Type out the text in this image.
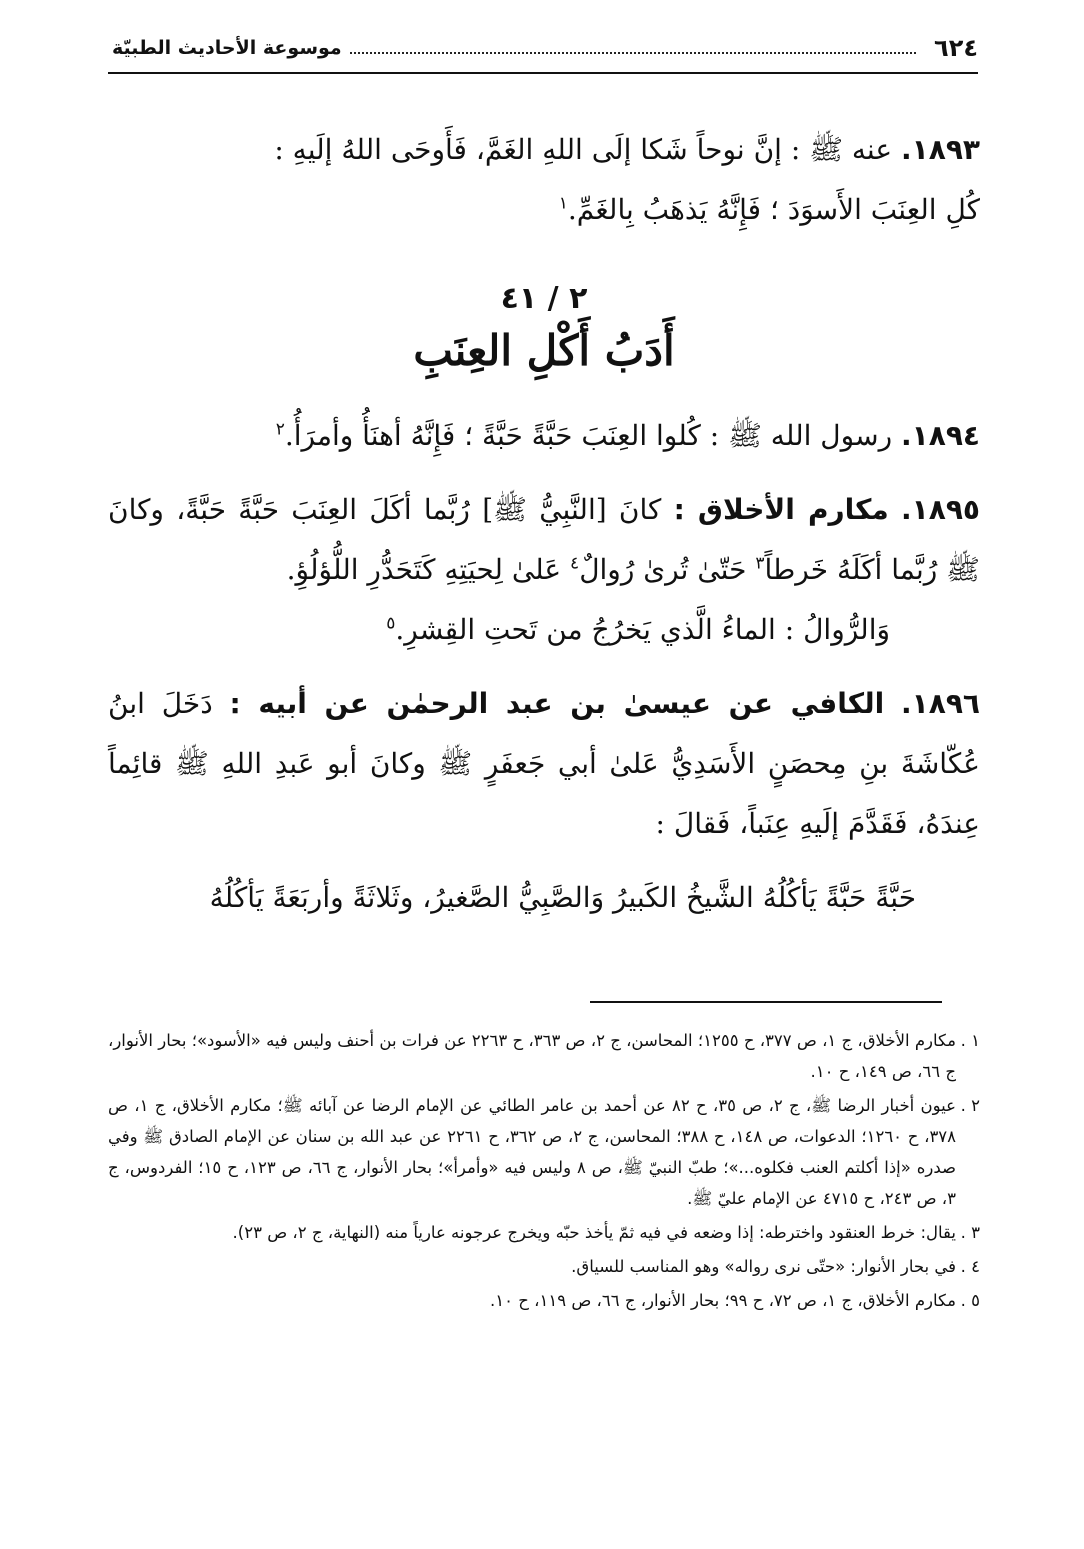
٦٢٤
موسوعة الأحاديث الطبيّة

١٨٩٣. عنه ﷺ : إنَّ نوحاً شَكا إلَى اللهِ الغَمَّ، فَأَوحَى اللهُ إلَيهِ :
كُلِ العِنَبَ الأَسوَدَ ؛ فَإِنَّهُ يَذهَبُ بِالغَمِّ.$^١$

٢ / ٤١
أَدَبُ أَكْلِ العِنَبِ

١٨٩٤. رسول الله ﷺ : كُلوا العِنَبَ حَبَّةً حَبَّةً ؛ فَإِنَّهُ أهنَأُ وأمرَأُ.$^٢$

١٨٩٥. مكارم الأخلاق : كانَ [النَّبِيُّ ﷺ] رُبَّما أكَلَ العِنَبَ حَبَّةً حَبَّةً، وكانَ ﷺ رُبَّما أكَلَهُ خَرطاً$^٣$ حَتّىٰ تُرىٰ رُوالٌ$^٤$ عَلىٰ لِحيَتِهِ كَتَحَدُّرِ اللُّؤلُؤِ.
وَالرُّوالُ : الماءُ الَّذي يَخرُجُ من تَحتِ القِشرِ.$^٥$

١٨٩٦. الكافي عن عيسىٰ بن عبد الرحمٰن عن أبيه : دَخَلَ ابنُ عُكّاشَةَ بنِ مِحصَنٍ الأَسَدِيُّ عَلىٰ أبي جَعفَرٍ ﷺ وكانَ أبو عَبدِ اللهِ ﷺ قائِماً عِندَهُ، فَقَدَّمَ إلَيهِ عِنَباً، فَقالَ :

حَبَّةً حَبَّةً يَأكُلُهُ الشَّيخُ الكَبيرُ وَالصَّبِيُّ الصَّغيرُ، وثَلاثَةً وأربَعَةً يَأكُلُهُ

١ .مكارم الأخلاق، ج ١، ص ٣٧٧، ح ١٢٥٥؛ المحاسن، ج ٢، ص ٣٦٣، ح ٢٢٦٣ عن فرات بن أحنف وليس فيه «الأسود»؛ بحار الأنوار، ج ٦٦، ص ١٤٩، ح ١٠.

٢ .عيون أخبار الرضا ﷺ، ج ٢، ص ٣٥، ح ٨٢ عن أحمد بن عامر الطائي عن الإمام الرضا عن آبائه ﷺ؛ مكارم الأخلاق، ج ١، ص ٣٧٨، ح ١٢٦٠؛ الدعوات، ص ١٤٨، ح ٣٨٨؛ المحاسن، ج ٢، ص ٣٦٢، ح ٢٢٦١ عن عبد الله بن سنان عن الإمام الصادق ﷺ وفي صدره «إذا أكلتم العنب فكلوه...»؛ طبّ النبيّ ﷺ، ص ٨ وليس فيه «وأمرأ»؛ بحار الأنوار، ج ٦٦، ص ١٢٣، ح ١٥؛ الفردوس، ج ٣، ص ٢٤٣، ح ٤٧١٥ عن الإمام عليّ ﷺ.

٣ .يقال: خرط العنقود واخترطه: إذا وضعه في فيه ثمّ يأخذ حبّه ويخرج عرجونه عارياً منه (النهاية، ج ٢، ص ٢٣).

٤ .في بحار الأنوار: «حتّى نرى رواله» وهو المناسب للسياق.

٥ .مكارم الأخلاق، ج ١، ص ٧٢، ح ٩٩؛ بحار الأنوار، ج ٦٦، ص ١١٩، ح ١٠.
